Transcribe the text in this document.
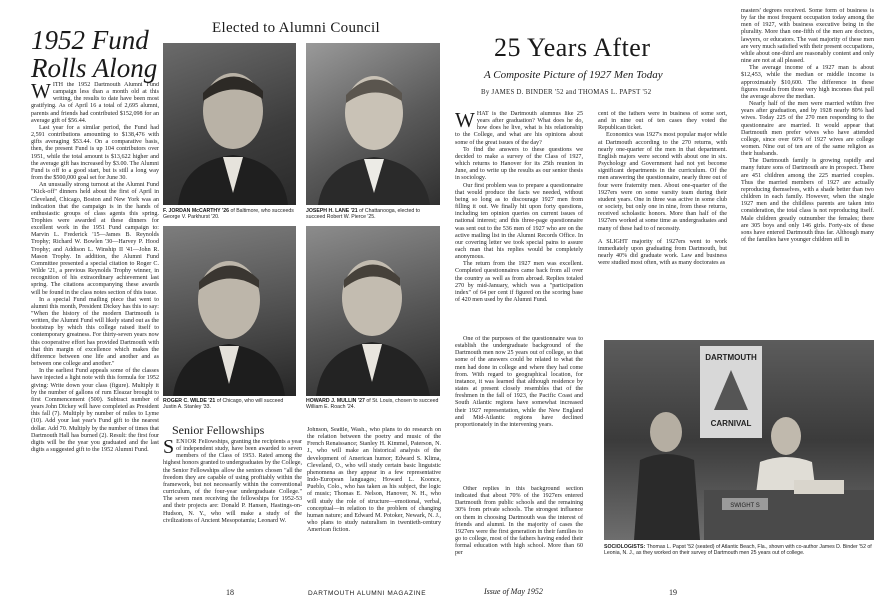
1952 Fund
Rolls Along

WITH the 1952 Dartmouth Alumni Fund campaign less than a month old at this writing, the results to date have been most gratifying. As of April 16 a total of 2,695 alumni, parents and friends had contributed $152,098 for an average gift of $56.44.

Last year for a similar period, the Fund had 2,591 contributions amounting to $138,476 with gifts averaging $53.44. On a comparative basis, then, the present Fund is up 104 contributors over 1951, while the total amount is $13,622 higher and the average gift has increased by $3.00. The Alumni Fund is off to a good start, but is still a long way from the $500,000 goal set for June 30.

An unusually strong turnout at the Alumni Fund "Kick-off" dinners held about the first of April in Cleveland, Chicago, Boston and New York was an indication that the campaign is in the hands of enthusiastic groups of class agents this spring. Trophies were awarded at these dinners for excellent work in the 1951 Fund campaign to: Marvin L. Frederick '15—James B. Reynolds Trophy; Richard W. Bowlen '30—Harvey P. Hood Trophy; and Addison L. Winship II '41—John R. Mason Trophy. In addition, the Alumni Fund Committee presented a special citation to Roger C. Wilde '21, a previous Reynolds Trophy winner, in recognition of his extraordinary achievement last spring. The citations accompanying these awards will be found in the class notes section of this issue.

In a special Fund mailing piece that went to alumni this month, President Dickey has this to say: "When the history of the modern Dartmouth is written, the Alumni Fund will likely stand out as the bootstrap by which this college raised itself to contemporary greatness. For thirty-seven years now this cooperative effort has provided Dartmouth with that thin margin of excellence which makes the difference between one life and another and as between one college and another."

In the earliest Fund appeals some of the classes have injected a light note with this formula for 1952 giving: Write down your class (figure). Multiply it by the number of gallons of rum Eleazar brought to first Commencement (500). Subtract number of years John Dickey will have completed as President this fall (7). Multiply by number of miles to Lyme (10). Add your last year's Fund gift to the nearest dollar. Add 70. Multiply by the number of times that Dartmouth Hall has burned (2). Result: the first four digits will be the year you graduated and the last digits a suggested gift to the 1952 Alumni Fund.

Elected to Alumni Council
F. JORDAN McCARTHY '26 of Baltimore, who succeeds George V. Parkhurst '20.
JOSEPH H. LANE '21 of Chattanooga, elected to succeed Robert W. Pierce '25.
ROGER C. WILDE '21 of Chicago, who will succeed Justin A. Stanley '33.
HOWARD J. MULLIN '27 of St. Louis, chosen to succeed William E. Roach '24.
Senior Fellowships

SENIOR Fellowships, granting the recipients a year of independent study, have been awarded to seven members of the Class of 1953. Rated among the highest honors granted to undergraduates by the College, the Senior Fellowships allow the seniors chosen "all the freedom they are capable of using profitably within the framework, but not necessarily within the conventional curriculum, of the four-year undergraduate College." The seven men receiving the fellowships for 1952-53 and their projects are: Donald P. Hansen, Hastings-on-Hudson, N. Y., who will make a study of the civilizations of Ancient Mesopotamia; Leonard W.

Johnson, Seattle, Wash., who plans to do research on the relation between the poetry and music of the French Renaissance; Stanley H. Kimmel, Paterson, N. J., who will make an historical analysis of the development of American humor; Edward S. Klima, Cleveland, O., who will study certain basic linguistic phenomena as they appear in a few representative Indo-European languages; Howard L. Koonce, Pueblo, Colo., who has taken as his subject, the logic of music; Thomas E. Nelson, Hanover, N. H., who will study the role of structure—emotional, verbal, conceptual—in relation to the problem of changing human nature; and Edward M. Potoker, Newark, N. J., who plans to study naturalism in twentieth-century American fiction.

18	DARTMOUTH ALUMNI MAGAZINE
25 Years After
A Composite Picture of 1927 Men Today
By JAMES D. BINDER '52 and THOMAS L. PAPST '52

WHAT is the Dartmouth alumnus like 25 years after graduation? What does he do, how does he live, what is his relationship to the College, and what are his opinions about some of the great issues of the day?

To find the answers to these questions we decided to make a survey of the Class of 1927, which returns to Hanover for its 25th reunion in June, and to write up the results as our senior thesis in sociology.

Our first problem was to prepare a questionnaire that would produce the facts we needed, without being so long as to discourage 1927 men from filling it out. We finally hit upon forty questions, including ten opinion queries on current issues of national interest; and this three-page questionnaire was sent out to the 536 men of 1927 who are on the active mailing list in the Alumni Records Office. In our covering letter we took special pains to assure each man that his replies would be completely anonymous.

The return from the 1927 men was excellent. Completed questionnaires came back from all over the country as well as from abroad. Replies totaled 270 by mid-January, which was a "participation index" of 64 per cent if figured on the scoring base of 420 men used by the Alumni Fund.

cent of the fathers were in business of some sort, and in nine out of ten cases they voted the Republican ticket.

Economics was 1927's most popular major while at Dartmouth according to the 270 returns, with nearly one-quarter of the men in that department. English majors were second with about one in six. Psychology and Government had not yet become significant departments in the curriculum. Of the men answering the questionnaire, nearly three out of four were fraternity men. About one-quarter of the 1927ers were on some varsity team during their student years. One in three was active in some club or society, but only one in nine, from these returns, received scholastic honors. More than half of the 1927ers worked at some time as undergraduates and many of these had to of necessity.

A SLIGHT majority of 1927ers went to work immediately upon graduating from Dartmouth, but nearly 40% did graduate work. Law and business were studied most often, with as many doctorates as

One of the purposes of the questionnaire was to establish the undergraduate background of the Dartmouth men now 25 years out of college, so that some of the answers could be related to what the men had done in college and where they had come from. With regard to geographical location, for instance, it was learned that although residence by states at present closely resembles that of the freshmen in the fall of 1923, the Pacific Coast and South Atlantic regions have somewhat increased their 1927 representation, while the New England and Mid-Atlantic regions have declined proportionately in the intervening years.

Other replies in this background section indicated that about 70% of the 1927ers entered Dartmouth from public schools and the remaining 30% from private schools. The strongest influence on them in choosing Dartmouth was the interest of friends and alumni. In the majority of cases the 1927ers were the first generation in their families to go to college, most of the fathers having ended their formal education with high school. More than 60 per

masters' degrees received. Some form of business is by far the most frequent occupation today among the men of 1927, with business executive being in the plurality. More than one-fifth of the men are doctors, lawyers, or educators. The vast majority of these men are very much satisfied with their present occupations, while about one-third are reasonably content and only nine are not at all pleased.

The average income of a 1927 man is about $12,453, while the median or middle income is approximately $10,600. The difference in these figures results from those very high incomes that pull the average above the median.

Nearly half of the men were married within five years after graduation, and by 1928 nearly 80% had wives. Today 225 of the 270 men responding to the questionnaire are married. It would appear that Dartmouth men prefer wives who have attended college, since over 60% of 1927 wives are college women. Nine out of ten are of the same religion as their husbands.

The Dartmouth family is growing rapidly and many future sons of Dartmouth are in prospect. There are 451 children among the 225 married couples. Thus the married members of 1927 are actually reproducing themselves, with a shade better than two children in each family. However, when the single 1927 men and the childless parents are taken into consideration, the total class is not reproducing itself. Male children greatly outnumber the females; there are 305 boys and only 146 girls. Forty-six of these sons have entered Dartmouth thus far. Although many of the families have younger children still in

DARTMOUTH
CARNIVAL
SWIGHT S
SOCIOLOGISTS: Thomas L. Papst '52 (seated) of Atlantic Beach, Fla., shown with co-author James D. Binder '52 of Leonia, N. J., as they worked on their survey of Dartmouth men 25 years out of college.
Issue of May 1952	19
